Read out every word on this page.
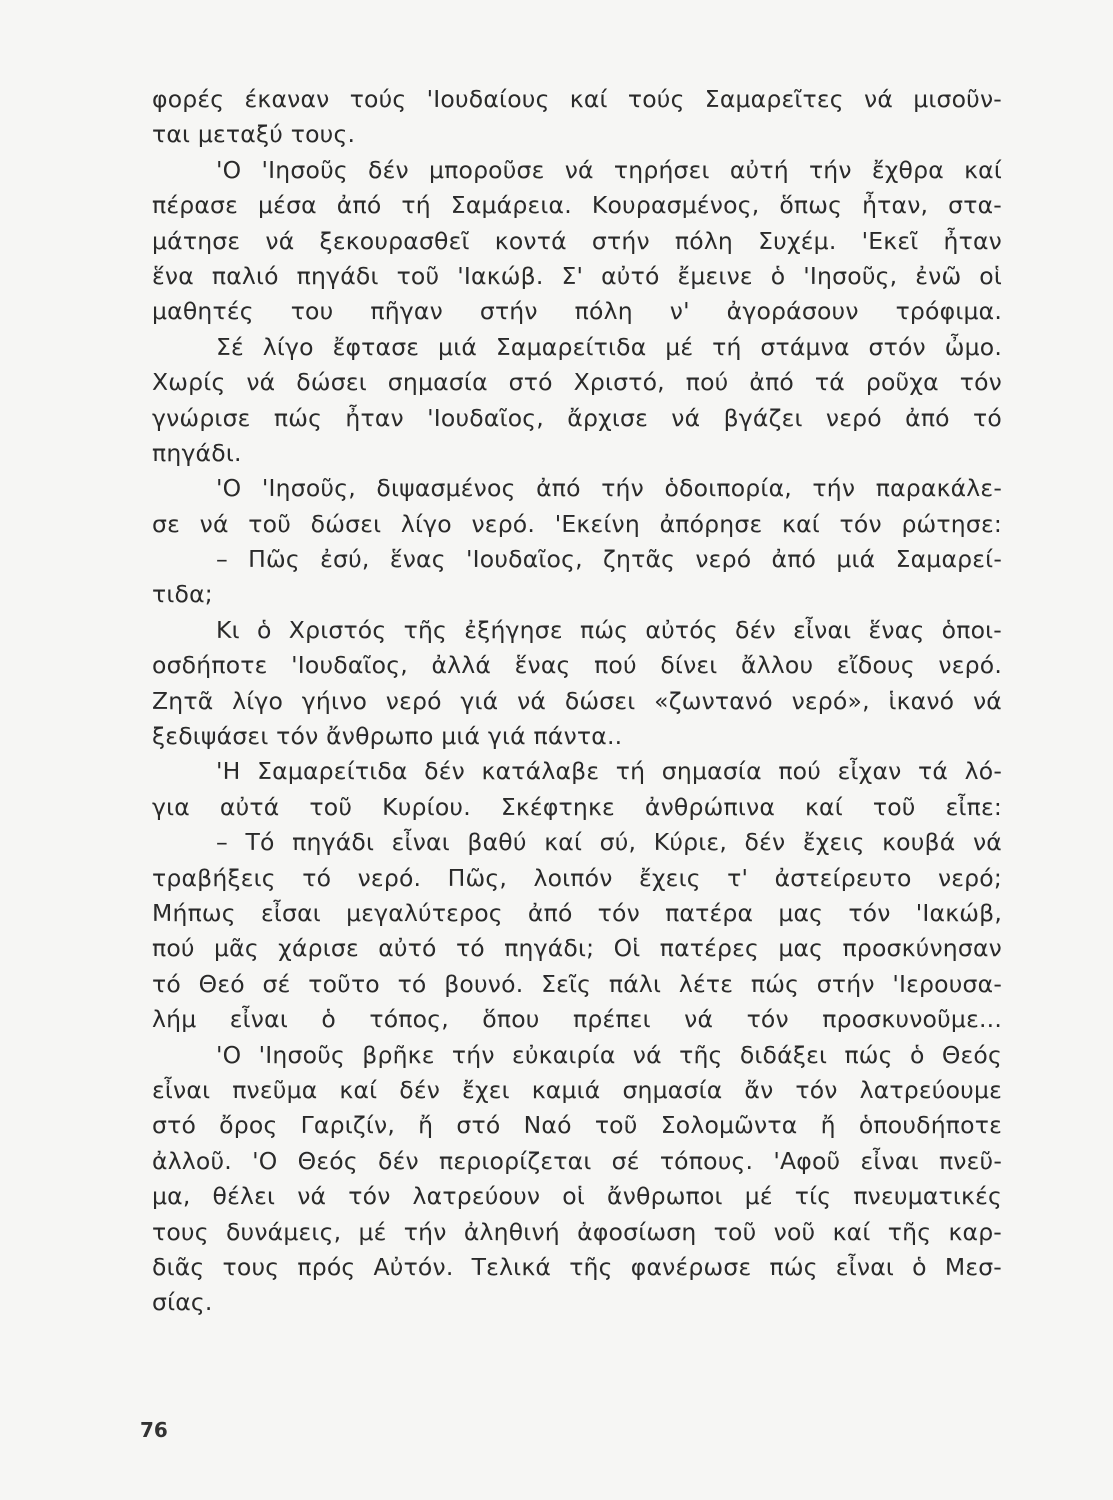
φορές έκαναν τούς 'Ιουδαίους καί τούς Σαμαρεῖτες νά μισοῦν-
ται μεταξύ τους.
'Ο 'Ιησοῦς δέν μποροῦσε νά τηρήσει αὐτή τήν ἔχθρα καί
πέρασε μέσα ἀπό τή Σαμάρεια. Κουρασμένος, ὅπως ἦταν, στα-
μάτησε νά ξεκουρασθεῖ κοντά στήν πόλη Συχέμ. 'Εκεῖ ἦταν
ἕνα παλιό πηγάδι τοῦ 'Ιακώβ. Σ' αὐτό ἔμεινε ὁ 'Ιησοῦς, ἐνῶ οἱ
μαθητές του πῆγαν στήν πόλη ν' ἀγοράσουν τρόφιμα.
Σέ λίγο ἔφτασε μιά Σαμαρείτιδα μέ τή στάμνα στόν ὦμο.
Χωρίς νά δώσει σημασία στό Χριστό, πού ἀπό τά ροῦχα τόν
γνώρισε πώς ἦταν 'Ιουδαῖος, ἄρχισε νά βγάζει νερό ἀπό τό
πηγάδι.
'Ο 'Ιησοῦς, διψασμένος ἀπό τήν ὁδοιπορία, τήν παρακάλε-
σε νά τοῦ δώσει λίγο νερό. 'Εκείνη ἀπόρησε καί τόν ρώτησε:
– Πῶς ἐσύ, ἕνας 'Ιουδαῖος, ζητᾶς νερό ἀπό μιά Σαμαρεί-
τιδα;
Κι ὁ Χριστός τῆς ἐξήγησε πώς αὐτός δέν εἶναι ἕνας ὁποι-
οσδήποτε 'Ιουδαῖος, ἀλλά ἕνας πού δίνει ἄλλου εἴδους νερό.
Ζητᾶ λίγο γήινο νερό γιά νά δώσει «ζωντανό νερό», ἱκανό νά
ξεδιψάσει τόν ἄνθρωπο μιά γιά πάντα..
'Η Σαμαρείτιδα δέν κατάλαβε τή σημασία πού εἶχαν τά λό-
για αὐτά τοῦ Κυρίου. Σκέφτηκε ἀνθρώπινα καί τοῦ εἶπε:
– Τό πηγάδι εἶναι βαθύ καί σύ, Κύριε, δέν ἔχεις κουβά νά
τραβήξεις τό νερό. Πῶς, λοιπόν ἔχεις τ' ἀστείρευτο νερό;
Μήπως εἶσαι μεγαλύτερος ἀπό τόν πατέρα μας τόν 'Ιακώβ,
πού μᾶς χάρισε αὐτό τό πηγάδι; Οἱ πατέρες μας προσκύνησαν
τό Θεό σέ τοῦτο τό βουνό. Σεῖς πάλι λέτε πώς στήν 'Ιερουσα-
λήμ εἶναι ὁ τόπος, ὅπου πρέπει νά τόν προσκυνοῦμε...
'Ο 'Ιησοῦς βρῆκε τήν εὐκαιρία νά τῆς διδάξει πώς ὁ Θεός
εἶναι πνεῦμα καί δέν ἔχει καμιά σημασία ἄν τόν λατρεύουμε
στό ὄρος Γαριζίν, ἤ στό Ναό τοῦ Σολομῶντα ἤ ὁπουδήποτε
ἀλλοῦ. 'Ο Θεός δέν περιορίζεται σέ τόπους. 'Αφοῦ εἶναι πνεῦ-
μα, θέλει νά τόν λατρεύουν οἱ ἄνθρωποι μέ τίς πνευματικές
τους δυνάμεις, μέ τήν ἀληθινή ἀφοσίωση τοῦ νοῦ καί τῆς καρ-
διᾶς τους πρός Αὐτόν. Τελικά τῆς φανέρωσε πώς εἶναι ὁ Μεσ-
σίας.
76
